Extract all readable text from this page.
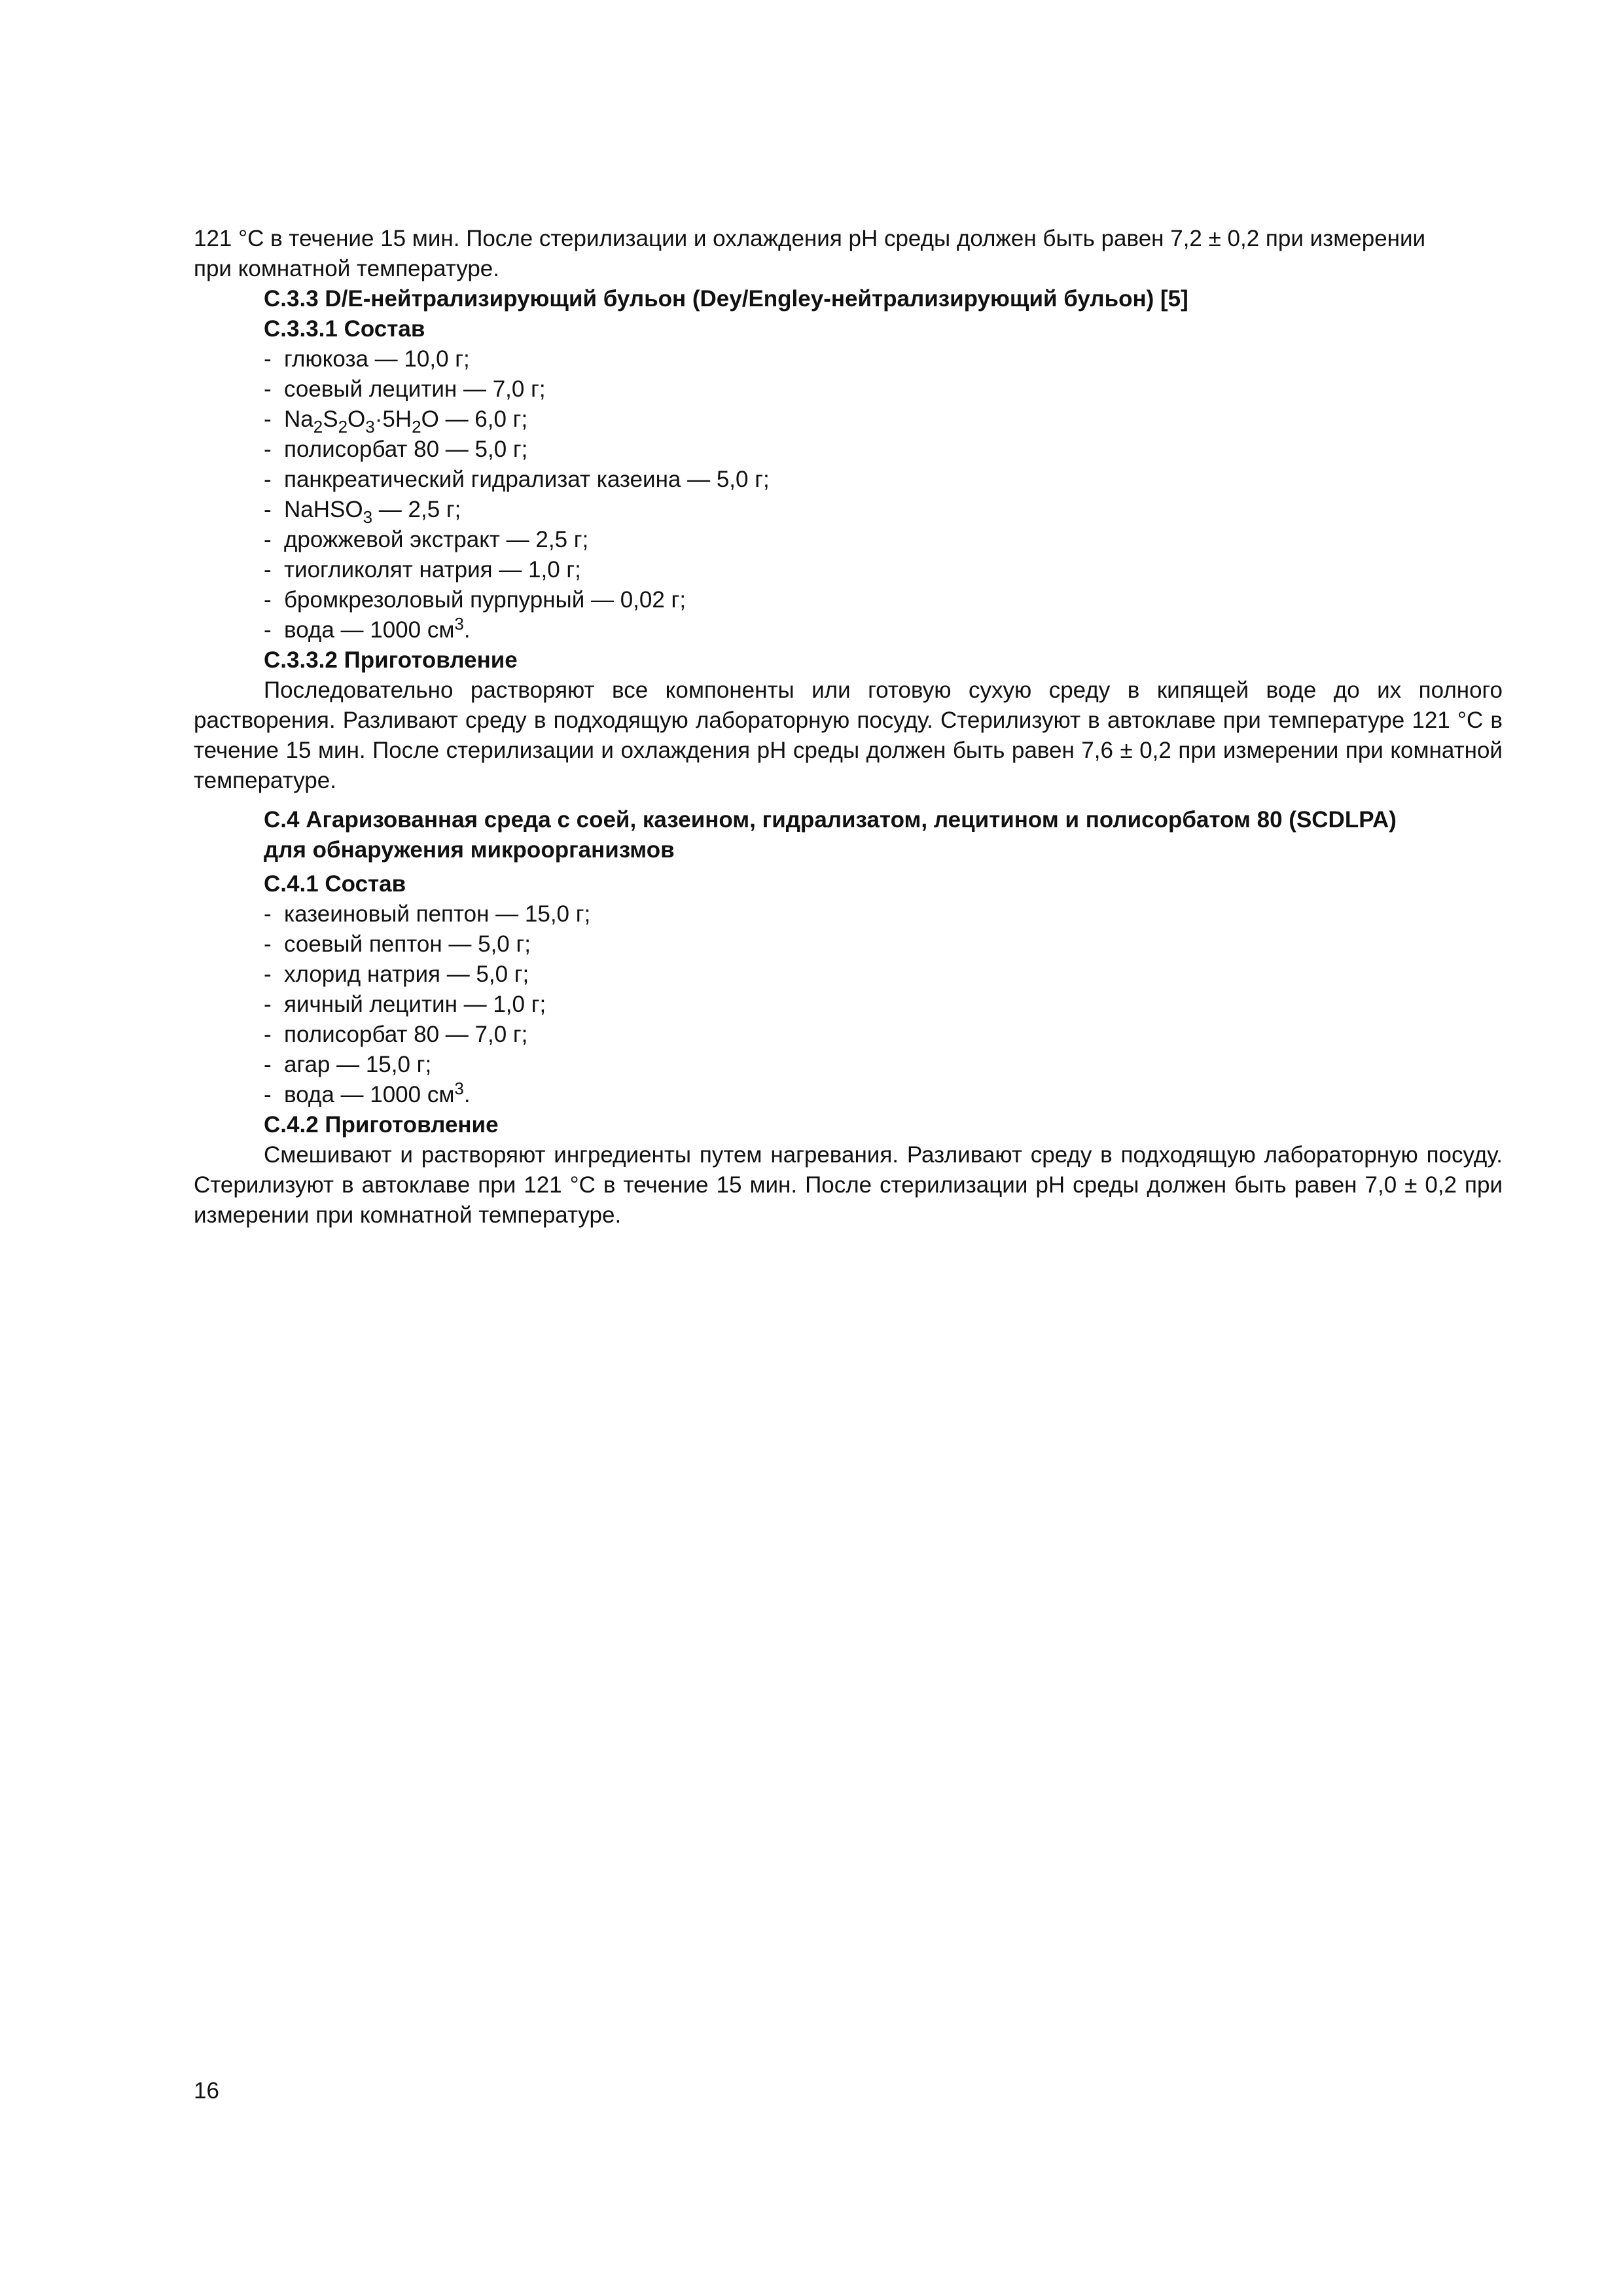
121 °С в течение 15 мин. После стерилизации и охлаждения рН среды должен быть равен 7,2 ± 0,2 при измерении
при комнатной температуре.

С.3.3 D/E-нейтрализирующий бульон (Dey/Engley-нейтрализирующий бульон) [5]

С.3.3.1 Состав

- глюкоза — 10,0 г;
- соевый лецитин — 7,0 г;
- $Na_2S_2O_3\cdot 5H_2O$ — 6,0 г;
- полисорбат 80 — 5,0 г;
- панкреатический гидрализат казеина — 5,0 г;
- NaHSO$_3$ — 2,5 г;
- дрожжевой экстракт — 2,5 г;
- тиогликолят натрия — 1,0 г;
- бромкрезоловый пурпурный — 0,02 г;
- вода — 1000 $см^3$.

С.3.3.2 Приготовление

Последовательно растворяют все компоненты или готовую сухую среду в кипящей воде до их полного растворения. Разливают среду в подходящую лабораторную посуду. Стерилизуют в автоклаве при температуре 121 °С в течение 15 мин. После стерилизации и охлаждения рН среды должен быть равен 7,6 ± 0,2 при измерении при комнатной температуре.

С.4 Агаризованная среда с соей, казеином, гидрализатом, лецитином и полисорбатом 80 (SCDLPA)
для обнаружения микроорганизмов

С.4.1 Состав

- казеиновый пептон — 15,0 г;
- соевый пептон — 5,0 г;
- хлорид натрия — 5,0 г;
- яичный лецитин — 1,0 г;
- полисорбат 80 — 7,0 г;
- агар — 15,0 г;
- вода — 1000 $см^3$.

С.4.2 Приготовление

Смешивают и растворяют ингредиенты путем нагревания. Разливают среду в подходящую лабораторную посуду. Стерилизуют в автоклаве при 121 °С в течение 15 мин. После стерилизации рН среды должен быть равен 7,0 ± 0,2 при измерении при комнатной температуре.

16
